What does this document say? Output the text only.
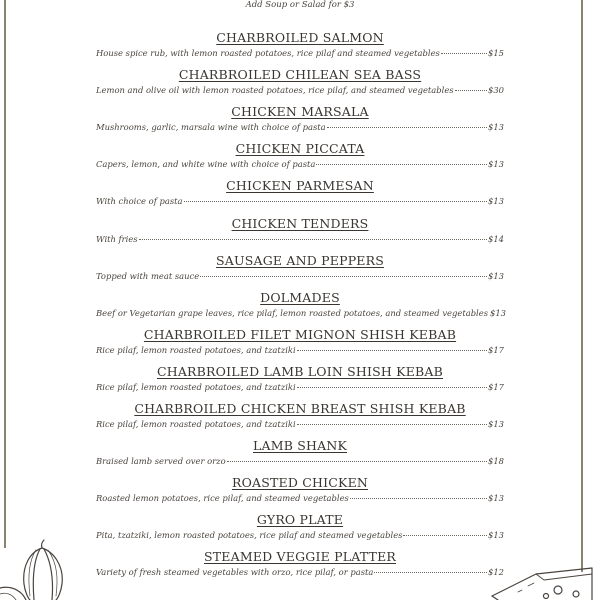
Add Soup or Salad for $3
CHARBROILED SALMON
House spice rub, with lemon roasted potatoes, rice pilaf and steamed vegetables	$15
CHARBROILED CHILEAN SEA BASS
Lemon and olive oil with lemon roasted potatoes, rice pilaf, and steamed vegetables	$30
CHICKEN MARSALA
Mushrooms, garlic, marsala wine with choice of pasta	$13
CHICKEN PICCATA
Capers, lemon, and white wine with choice of pasta	$13
CHICKEN PARMESAN
With choice of pasta	$13
CHICKEN TENDERS
With fries	$14
SAUSAGE AND PEPPERS
Topped with meat sauce	$13
DOLMADES
Beef or Vegetarian grape leaves, rice pilaf, lemon roasted potatoes, and steamed vegetables $13
CHARBROILED FILET MIGNON SHISH KEBAB
Rice pilaf, lemon roasted potatoes, and tzatziki	$17
CHARBROILED LAMB LOIN SHISH KEBAB
Rice pilaf, lemon roasted potatoes, and tzatziki	$17
CHARBROILED CHICKEN BREAST SHISH KEBAB
Rice pilaf, lemon roasted potatoes, and tzatziki	$13
LAMB SHANK
Braised lamb served over orzo	$18
ROASTED CHICKEN
Roasted lemon potatoes, rice pilaf, and steamed vegetables	$13
GYRO PLATE
Pita, tzatziki, lemon roasted potatoes, rice pilaf and steamed vegetables	$13
STEAMED VEGGIE PLATTER
Variety of fresh steamed vegetables with orzo, rice pilaf, or pasta	$12
